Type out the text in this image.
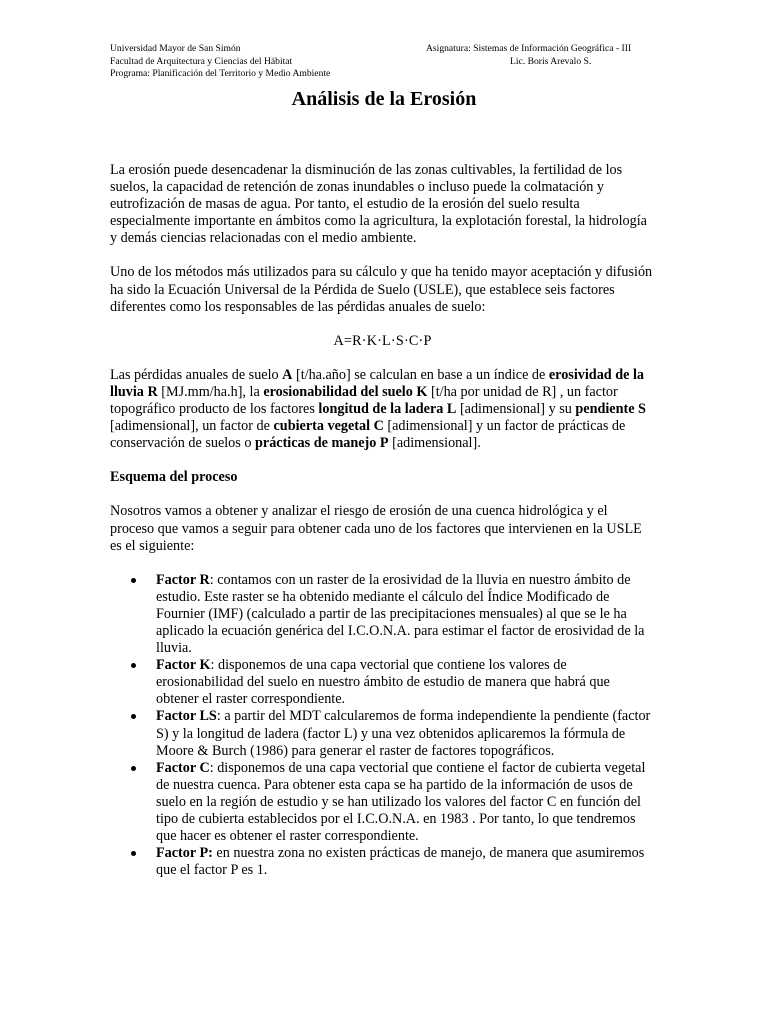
Universidad Mayor de San Simón
Facultad de Arquitectura y Ciencias del Hábitat
Programa: Planificación del Territorio y Medio Ambiente
Asignatura: Sistemas de Información Geográfica - III
Lic. Boris Arevalo S.
Análisis de la Erosión

La erosión puede desencadenar la disminución de las zonas cultivables, la fertilidad de los suelos, la capacidad de retención de zonas inundables o incluso puede la colmatación y eutrofización de masas de agua. Por tanto, el estudio de la erosión del suelo resulta especialmente importante en ámbitos como la agricultura, la explotación forestal, la hidrología y demás ciencias relacionadas con el medio ambiente.

Uno de los métodos más utilizados para su cálculo y que ha tenido mayor aceptación y difusión ha sido la Ecuación Universal de la Pérdida de Suelo (USLE), que establece seis factores diferentes como los responsables de las pérdidas anuales de suelo:

A=R·K·L·S·C·P

Las pérdidas anuales de suelo A [t/ha.año] se calculan en base a un índice de erosividad de la lluvia R [MJ.mm/ha.h], la erosionabilidad del suelo K [t/ha por unidad de R] , un factor topográfico producto de los factores longitud de la ladera L [adimensional] y su pendiente S [adimensional], un factor de cubierta vegetal C [adimensional] y un factor de prácticas de conservación de suelos o prácticas de manejo P [adimensional].

Esquema del proceso

Nosotros vamos a obtener y analizar el riesgo de erosión de una cuenca hidrológica y el proceso que vamos a seguir para obtener cada uno de los factores que intervienen en la USLE es el siguiente:

Factor R: contamos con un raster de la erosividad de la lluvia en nuestro ámbito de estudio. Este raster se ha obtenido mediante el cálculo del Índice Modificado de Fournier (IMF) (calculado a partir de las precipitaciones mensuales) al que se le ha aplicado la ecuación genérica del I.C.O.N.A. para estimar el factor de erosividad de la lluvia.
Factor K: disponemos de una capa vectorial que contiene los valores de erosionabilidad del suelo en nuestro ámbito de estudio de manera que habrá que obtener el raster correspondiente.
Factor LS: a partir del MDT calcularemos de forma independiente la pendiente (factor S) y la longitud de ladera (factor L) y una vez obtenidos aplicaremos la fórmula de Moore & Burch (1986) para generar el raster de factores topográficos.
Factor C: disponemos de una capa vectorial que contiene el factor de cubierta vegetal de nuestra cuenca. Para obtener esta capa se ha partido de la información de usos de suelo en la región de estudio y se han utilizado los valores del factor C en función del tipo de cubierta establecidos por el I.C.O.N.A. en 1983 . Por tanto, lo que tendremos que hacer es obtener el raster correspondiente.
Factor P: en nuestra zona no existen prácticas de manejo, de manera que asumiremos que el factor P es 1.
